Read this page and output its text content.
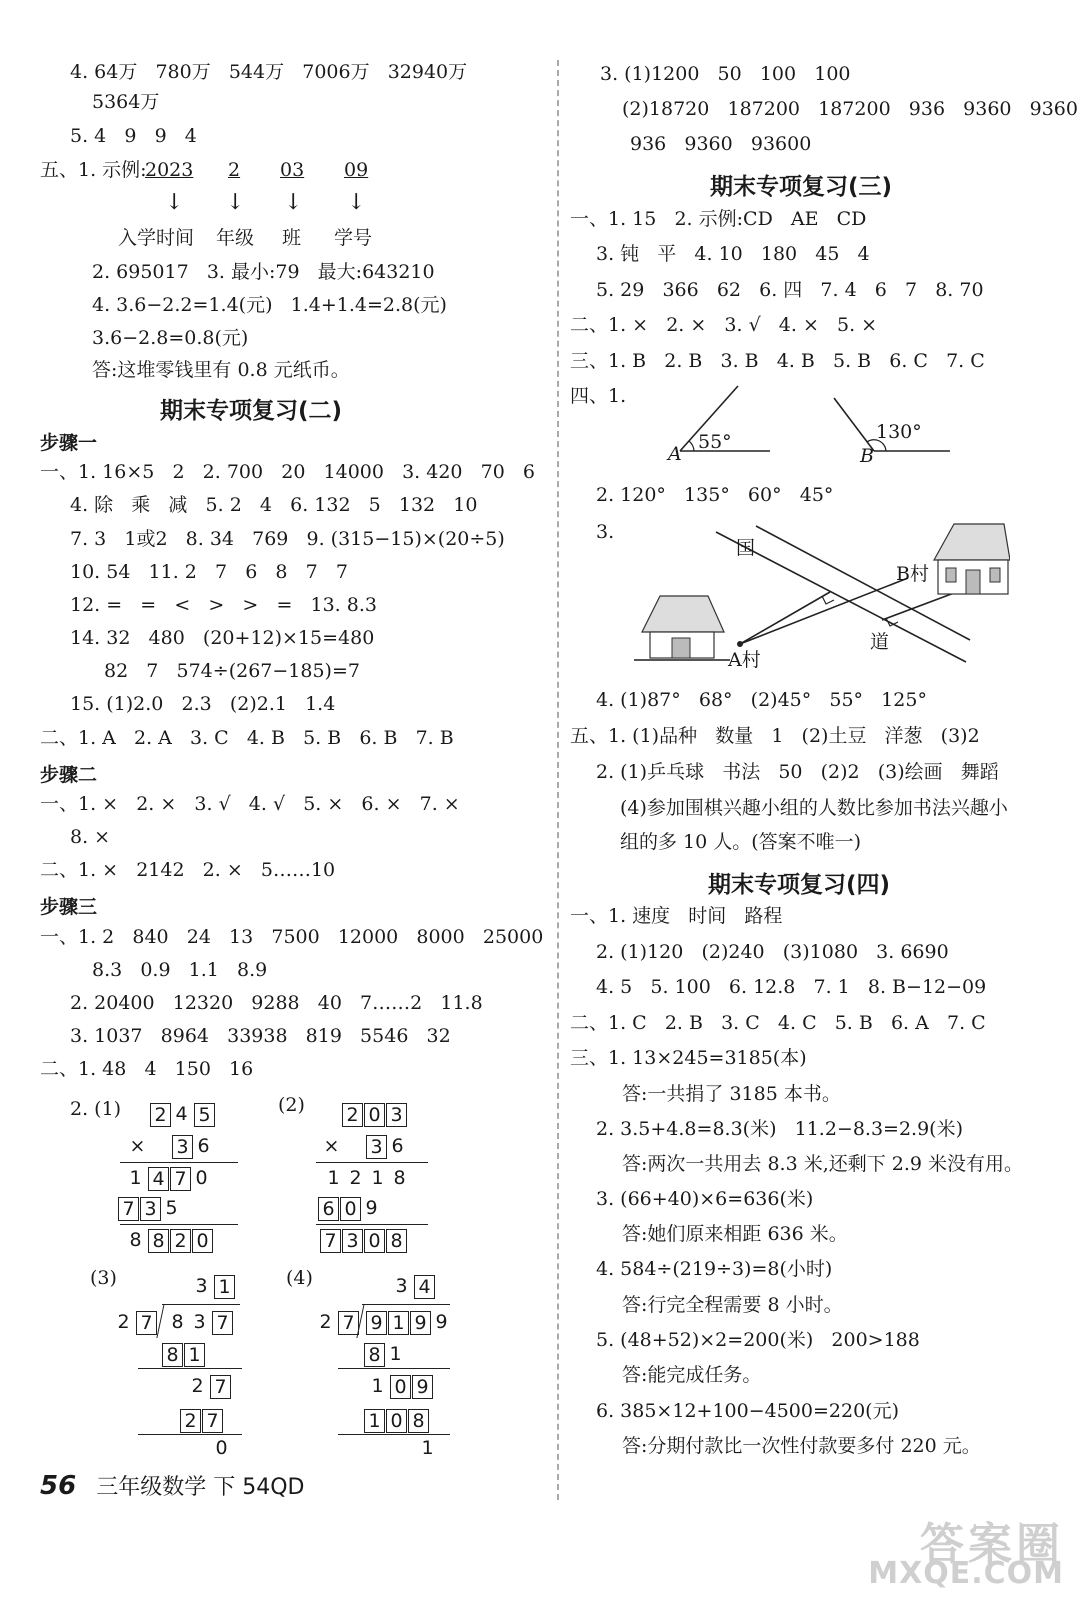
4. 64万   780万   544万   7006万   32940万
5364万
5. 4   9   9   4
五、1. 示例:
2023 2 03 09
↓ ↓ ↓ ↓
入学时间 年级 班 学号
2. 695017   3. 最小:79   最大:643210
4. 3.6−2.2=1.4(元)   1.4+1.4=2.8(元)
3.6−2.8=0.8(元)
答:这堆零钱里有 0.8 元纸币。
期末专项复习(二)
步骤一
一、1. 16×5   2   2. 700   20   14000   3. 420   70   6
4. 除   乘   减   5. 2   4   6. 132   5   132   10
7. 3   1或2   8. 34   769   9. (315−15)×(20÷5)
10. 54   11. 2   7   6   8   7   7
12. =   =   <   >   >   =   13. 8.3
14. 32   480   (20+12)×15=480
82   7   574÷(267−185)=7
15. (1)2.0   2.3   (2)2.1   1.4
二、1. A   2. A   3. C   4. B   5. B   6. B   7. B
步骤二
一、1. ×   2. ×   3. √   4. √   5. ×   6. ×   7. ×
8. ×
二、1. ×   2142   2. ×   5……10
步骤三
一、1. 2   840   24   13   7500   12000   8000   25000
8.3   0.9   1.1   8.9
2. 20400   12320   9288   40   7……2   11.8
3. 1037   8964   33938   819   5546   32
二、1. 48   4   150   16
2. (1)	(2)
(3)	(4)
2 4 5
× 3 6
1 4 7 0
7 3 5
8 8 2 0
2 0 3
× 3 6
1 2 1 8
6 0 9
7 3 0 8
3 1
2 7 8 3 7
8 1
2 7
2 7
0
3 4
2 7 9 1 9 9
8 1
1 0 9
1 0 8
1
3. (1)1200   50   100   100
(2)18720   187200   187200   936   9360   9360
936   9360   93600
期末专项复习(三)
一、1. 15   2. 示例:CD   AE   CD
3. 钝   平   4. 10   180   45   4
5. 29   366   62   6. 四   7. 4   6   7   8. 70
二、1. ×   2. ×   3. √   4. ×   5. ×
三、1. B   2. B   3. B   4. B   5. B   6. C   7. C
四、1.
A
55°
B
130°
2. 120°   135°   60°   45°
3.
国
道
B村
A村
4. (1)87°   68°   (2)45°   55°   125°
五、1. (1)品种   数量   1   (2)土豆   洋葱   (3)2
2. (1)乒乓球   书法   50   (2)2   (3)绘画   舞蹈
(4)参加围棋兴趣小组的人数比参加书法兴趣小
组的多 10 人。(答案不唯一)
期末专项复习(四)
一、1. 速度   时间   路程
2. (1)120   (2)240   (3)1080   3. 6690
4. 5   5. 100   6. 12.8   7. 1   8. B−12−09
二、1. C   2. B   3. C   4. C   5. B   6. A   7. C
三、1. 13×245=3185(本)
答:一共捐了 3185 本书。
2. 3.5+4.8=8.3(米)   11.2−8.3=2.9(米)
答:两次一共用去 8.3 米,还剩下 2.9 米没有用。
3. (66+40)×6=636(米)
答:她们原来相距 636 米。
4. 584÷(219÷3)=8(小时)
答:行完全程需要 8 小时。
5. (48+52)×2=200(米)   200>188
答:能完成任务。
6. 385×12+100−4500=220(元)
答:分期付款比一次性付款要多付 220 元。
56 三年级数学 下 54QD
答案圈
MXQE.COM
